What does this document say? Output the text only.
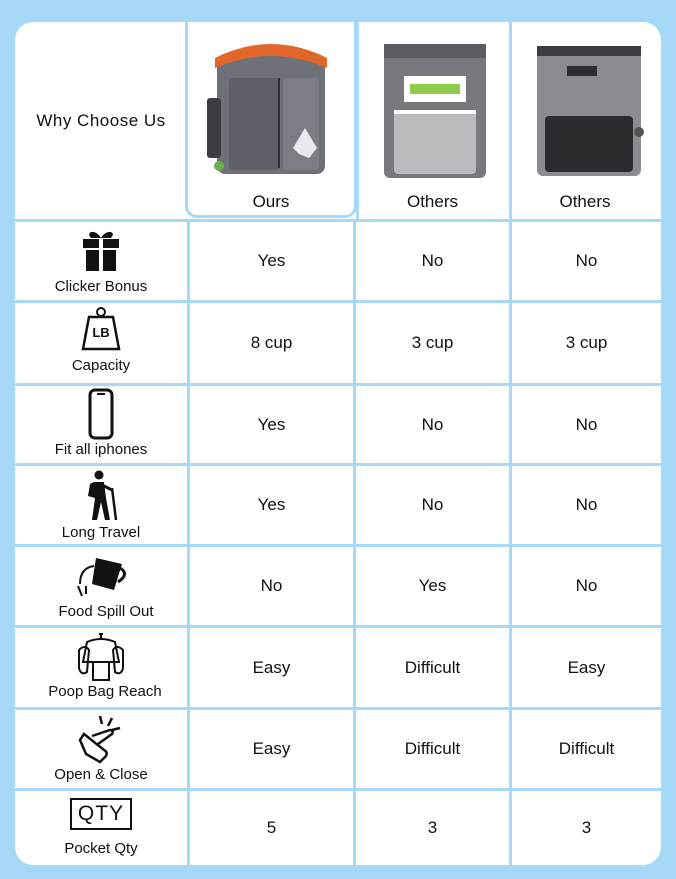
Why Choose Us
Ours	Others	Others
Clicker Bonus
Yes	No	No
LB
Capacity
8 cup	3 cup	3 cup
Fit all iphones
Yes	No	No
Long Travel
Yes	No	No
Food Spill Out
No	Yes	No
Poop Bag Reach
Easy	Difficult	Easy
Open & Close
Easy	Difficult	Difficult
QTY
Pocket Qty
5	3	3
